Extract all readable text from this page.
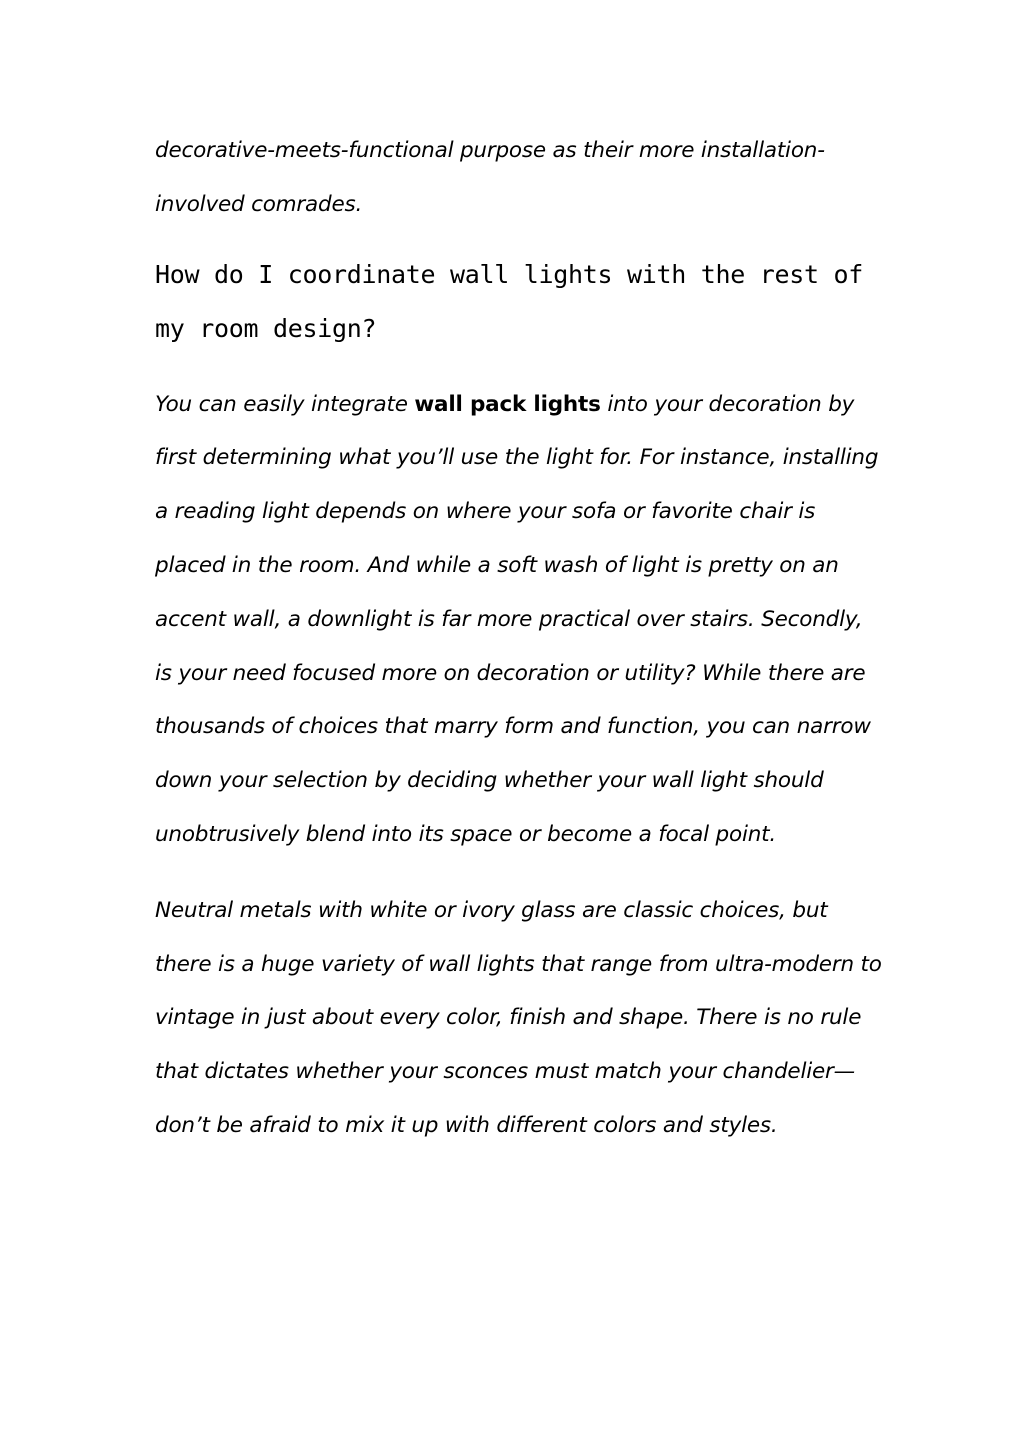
decorative-meets-functional purpose as their more installation-involved comrades.

How do I coordinate wall lights with the rest of my room design?

You can easily integrate wall pack lights into your decoration by first determining what you’ll use the light for. For instance, installing a reading light depends on where your sofa or favorite chair is placed in the room. And while a soft wash of light is pretty on an accent wall, a downlight is far more practical over stairs. Secondly, is your need focused more on decoration or utility? While there are thousands of choices that marry form and function, you can narrow down your selection by deciding whether your wall light should unobtrusively blend into its space or become a focal point.

Neutral metals with white or ivory glass are classic choices, but there is a huge variety of wall lights that range from ultra-modern to vintage in just about every color, finish and shape. There is no rule that dictates whether your sconces must match your chandelier—don’t be afraid to mix it up with different colors and styles.
